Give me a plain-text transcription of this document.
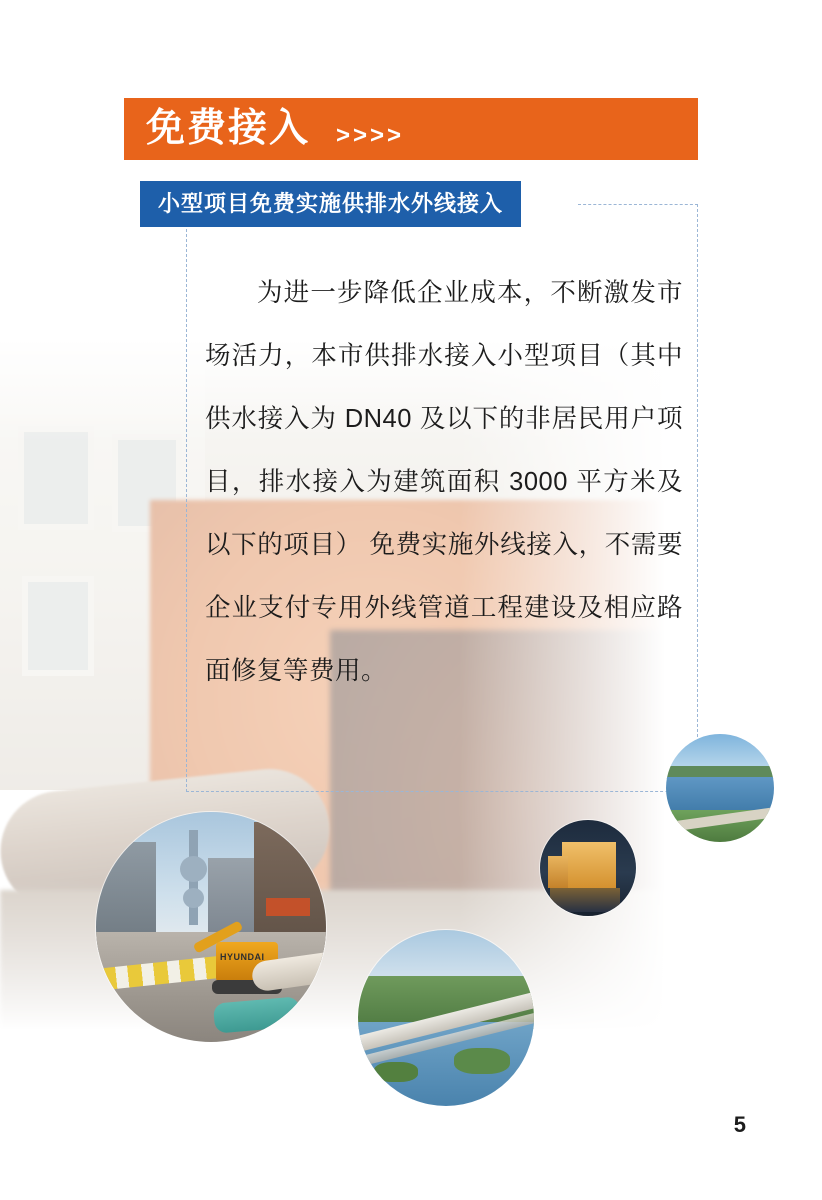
免费接入 >>>>
小型项目免费实施供排水外线接入
为进一步降低企业成本，不断激发市场活力，本市供排水接入小型项目（其中供水接入为 DN40 及以下的非居民用户项目，排水接入为建筑面积 3000 平方米及以下的项目） 免费实施外线接入，不需要企业支付专用外线管道工程建设及相应路面修复等费用。
HYUNDAI
5
